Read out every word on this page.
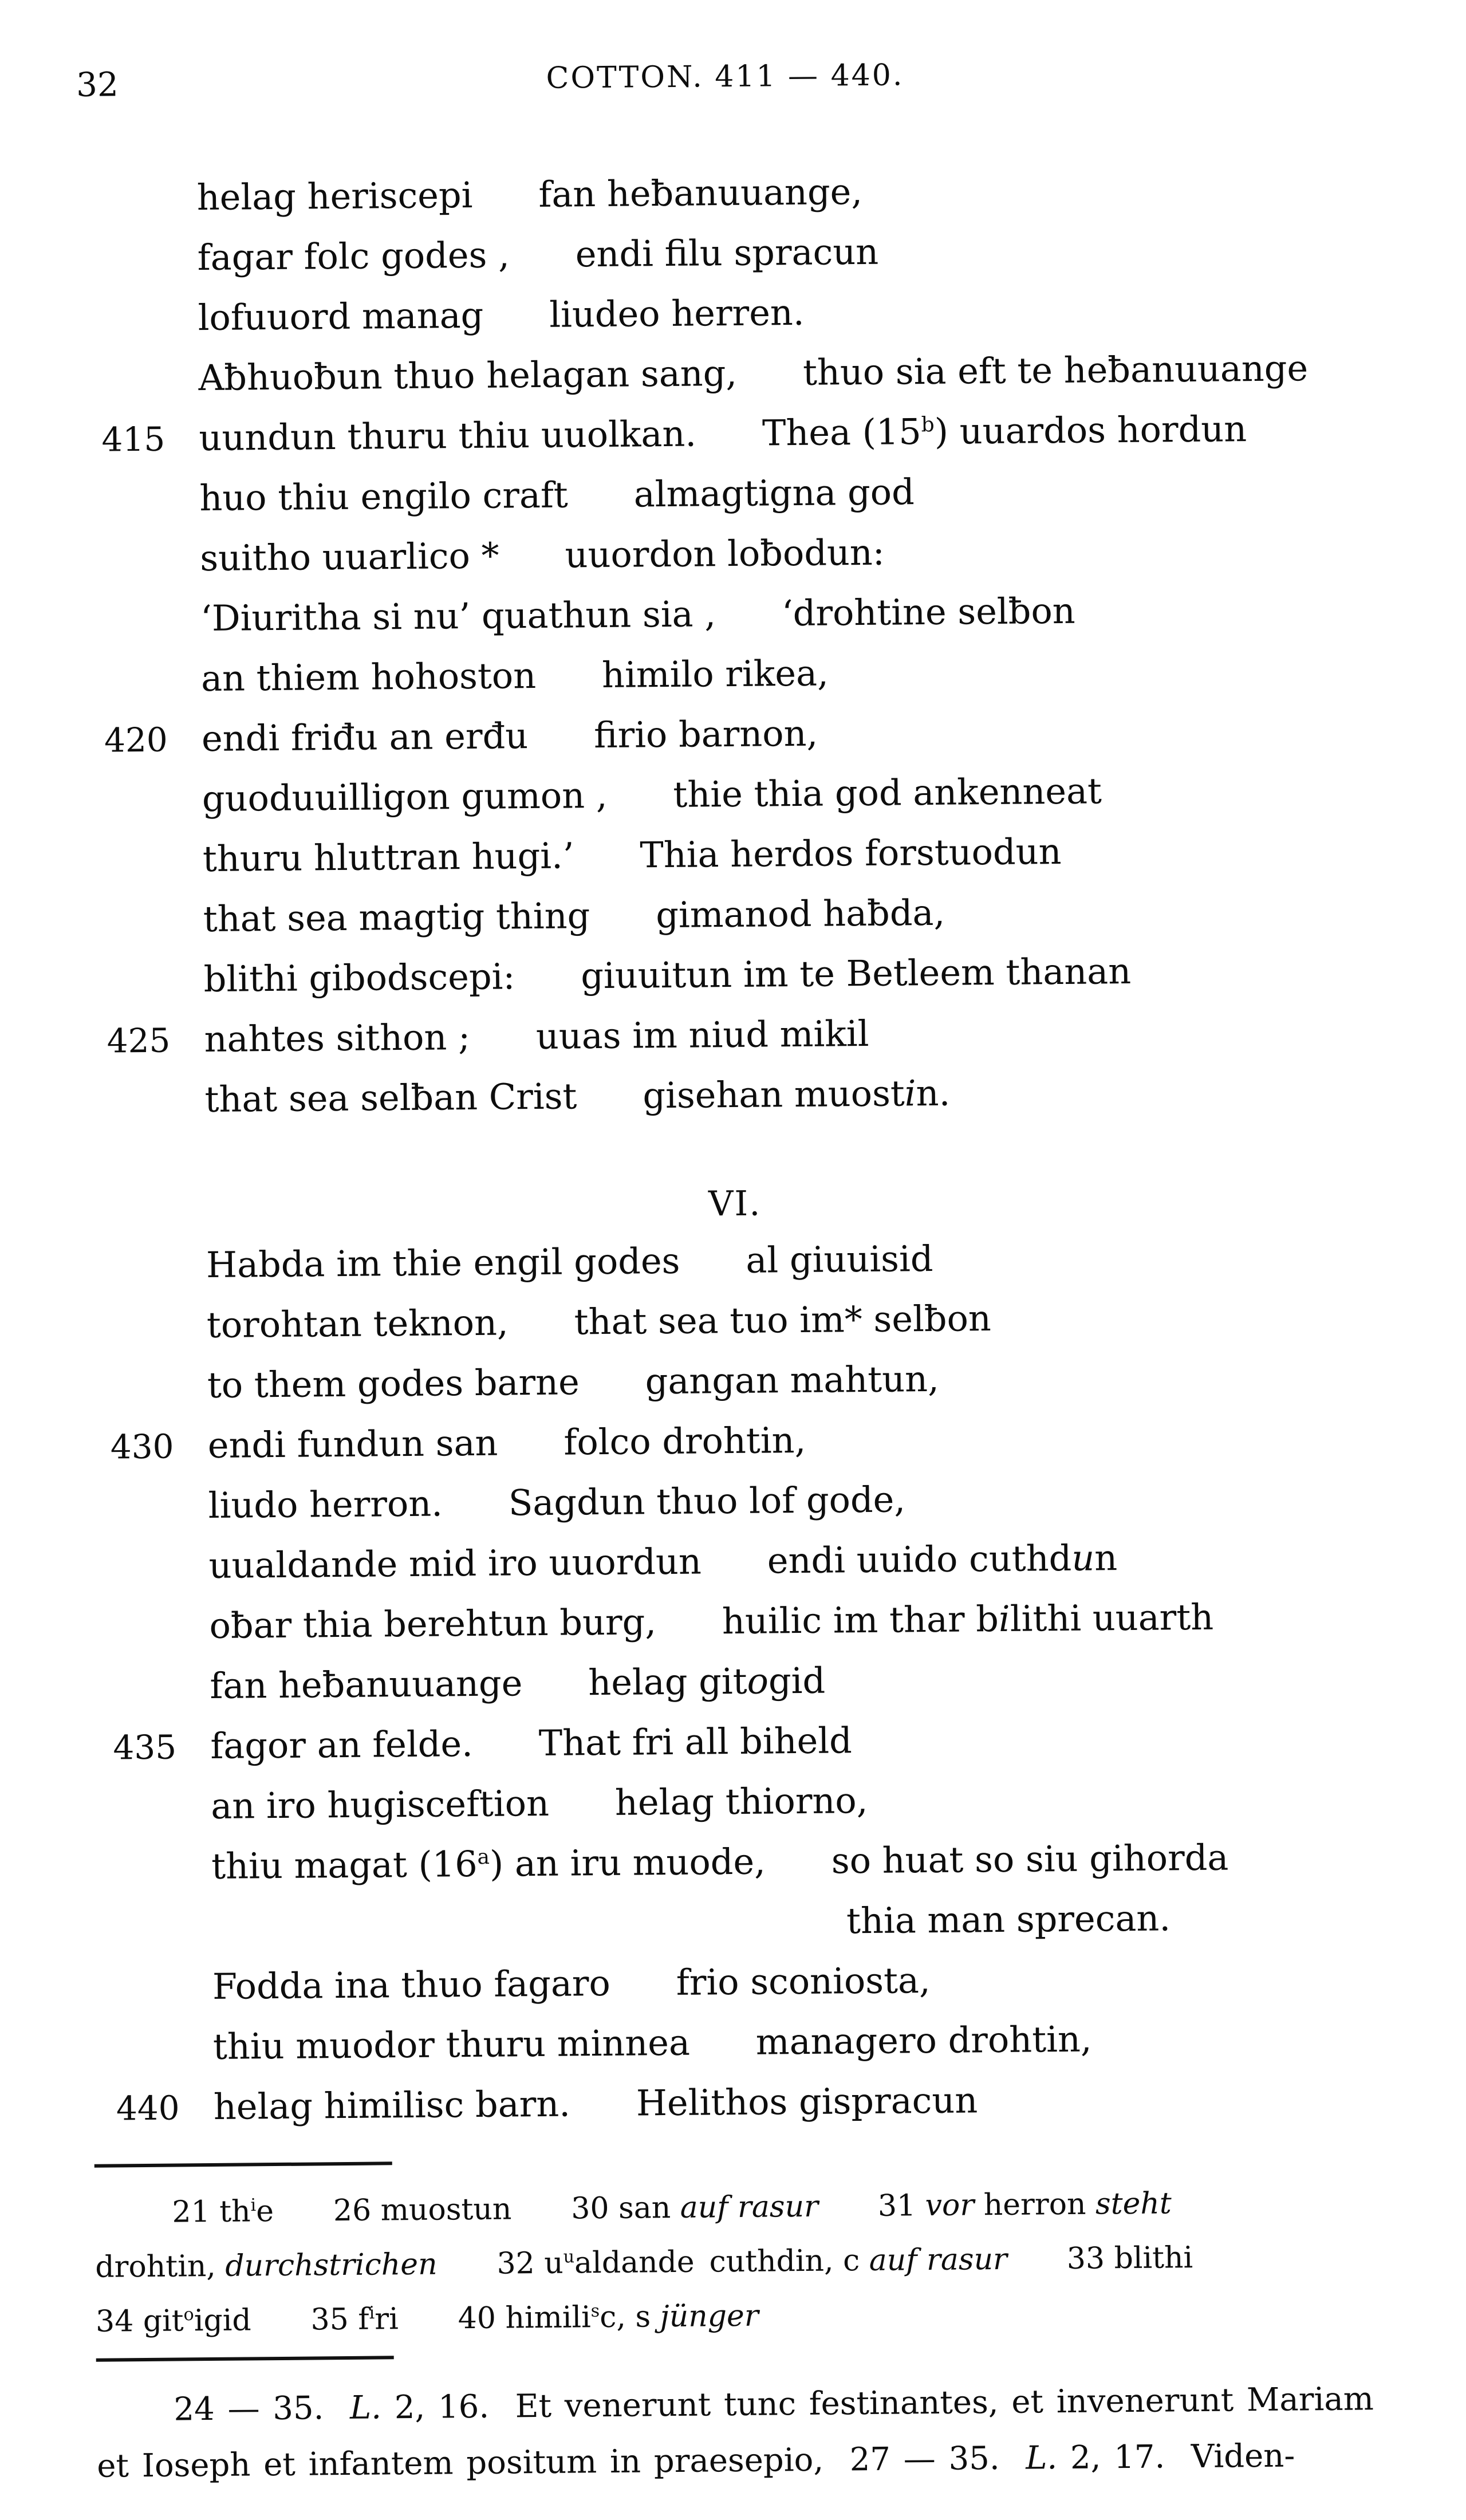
32	COTTON. 411 — 440.
helag heriscepi fan heƀanuuange,
fagar folc godes , endi filu spracun
lofuuord manag liudeo herren.
Aƀhuoƀun thuo helagan sang, thuo sia eft te heƀanuuange
415 uundun thuru thiu uuolkan. Thea (15$^b$) uuardos hordun
huo thiu engilo craft almagtigna god
suitho uuarlico * uuordon loƀodun:
‘Diuritha si nu’ quathun sia , ‘drohtine selƀon
an thiem hohoston himilo rikea,
420 endi friđu an erđu firio barnon,
guoduuilligon gumon , thie thia god ankenneat
thuru hluttran hugi.’ Thia herdos forstuodun
that sea magtig thing gimanod haƀda,
blithi gibodscepi: giuuitun im te Betleem thanan
425 nahtes sithon ; uuas im niud mikil
that sea selƀan Crist gisehan muostin.
VI.
Habda im thie engil godes al giuuisid
torohtan teknon, that sea tuo im* selƀon
to them godes barne gangan mahtun,
430 endi fundun san folco drohtin,
liudo herron. Sagdun thuo lof gode,
uualdande mid iro uuordun endi uuido cuthdun
oƀar thia berehtun burg, huilic im thar bilithi uuarth
fan heƀanuuange helag gitogid
435 fagor an felde. That fri all biheld
an iro hugisceftion helag thiorno,
thiu magat (16$^a$) an iru muode, so huat so siu gihorda
thia man sprecan.
Fodda ina thuo fagaro frio sconiosta,
thiu muodor thuru minnea managero drohtin,
440 helag himilisc barn. Helithos gispracun
21 $th^ie$  26 muostun  30 san auf rasur  31 vor herron steht
drohtin, durchstrichen  32 $u^ualdande$ cuthdin, c auf rasur  33 blithi
34 git$^o$igid  35 $f^iri$  40 himili$^s$c, s jünger
24 — 35.  L. 2, 16.  Et venerunt tunc festinantes, et invenerunt Mariam
et Ioseph et infantem positum in praesepio,  27 — 35.  L. 2, 17.  Viden-
